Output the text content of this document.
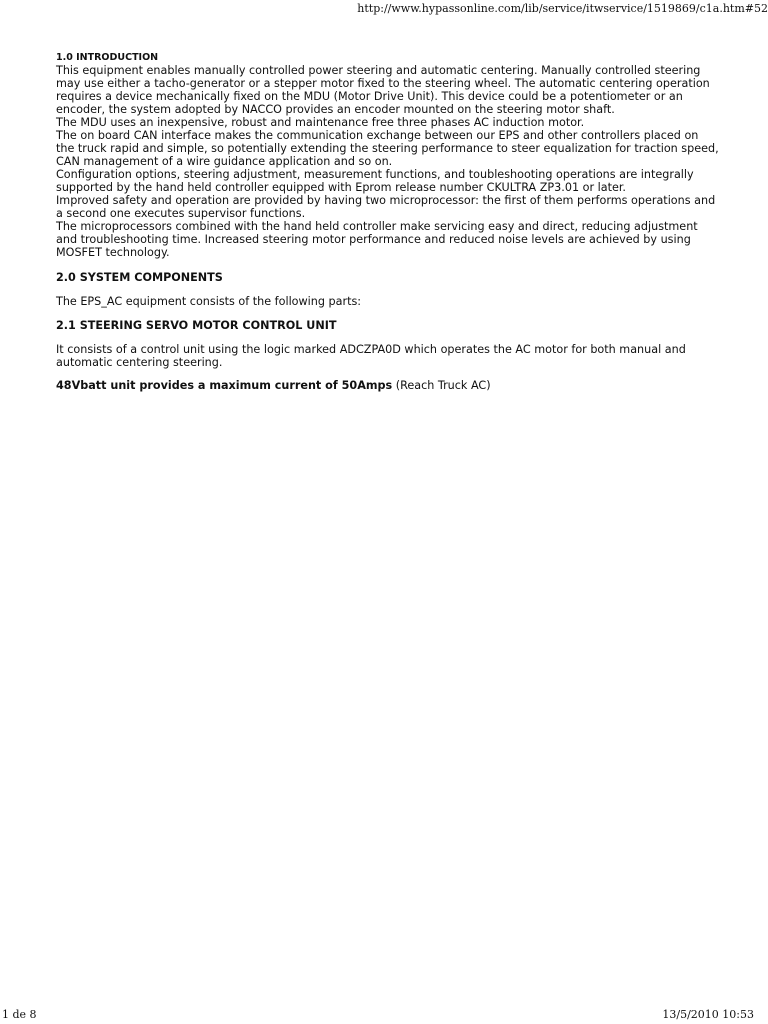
http://www.hypassonline.com/lib/service/itwservice/1519869/c1a.htm#52

1.0 INTRODUCTION

This equipment enables manually controlled power steering and automatic centering. Manually controlled steering may use either a tacho-generator or a stepper motor fixed to the steering wheel. The automatic centering operation requires a device mechanically fixed on the MDU (Motor Drive Unit). This device could be a potentiometer or an encoder, the system adopted by NACCO provides an encoder mounted on the steering motor shaft.

The MDU uses an inexpensive, robust and maintenance free three phases AC induction motor.

The on board CAN interface makes the communication exchange between our EPS and other controllers placed on the truck rapid and simple, so potentially extending the steering performance to steer equalization for traction speed, CAN management of a wire guidance application and so on.

Configuration options, steering adjustment, measurement functions, and toubleshooting operations are integrally supported by the hand held controller equipped with Eprom release number CKULTRA ZP3.01 or later.

Improved safety and operation are provided by having two microprocessor: the first of them performs operations and a second one executes supervisor functions.

The microprocessors combined with the hand held controller make servicing easy and direct, reducing adjustment and troubleshooting time. Increased steering motor performance and reduced noise levels are achieved by using MOSFET technology.

2.0 SYSTEM COMPONENTS

The EPS_AC equipment consists of the following parts:

2.1 STEERING SERVO MOTOR CONTROL UNIT

It consists of a control unit using the logic marked ADCZPA0D which operates the AC motor for both manual and automatic centering steering.

48Vbatt unit provides a maximum current of 50Amps (Reach Truck AC)

1 de 8	13/5/2010 10:53
